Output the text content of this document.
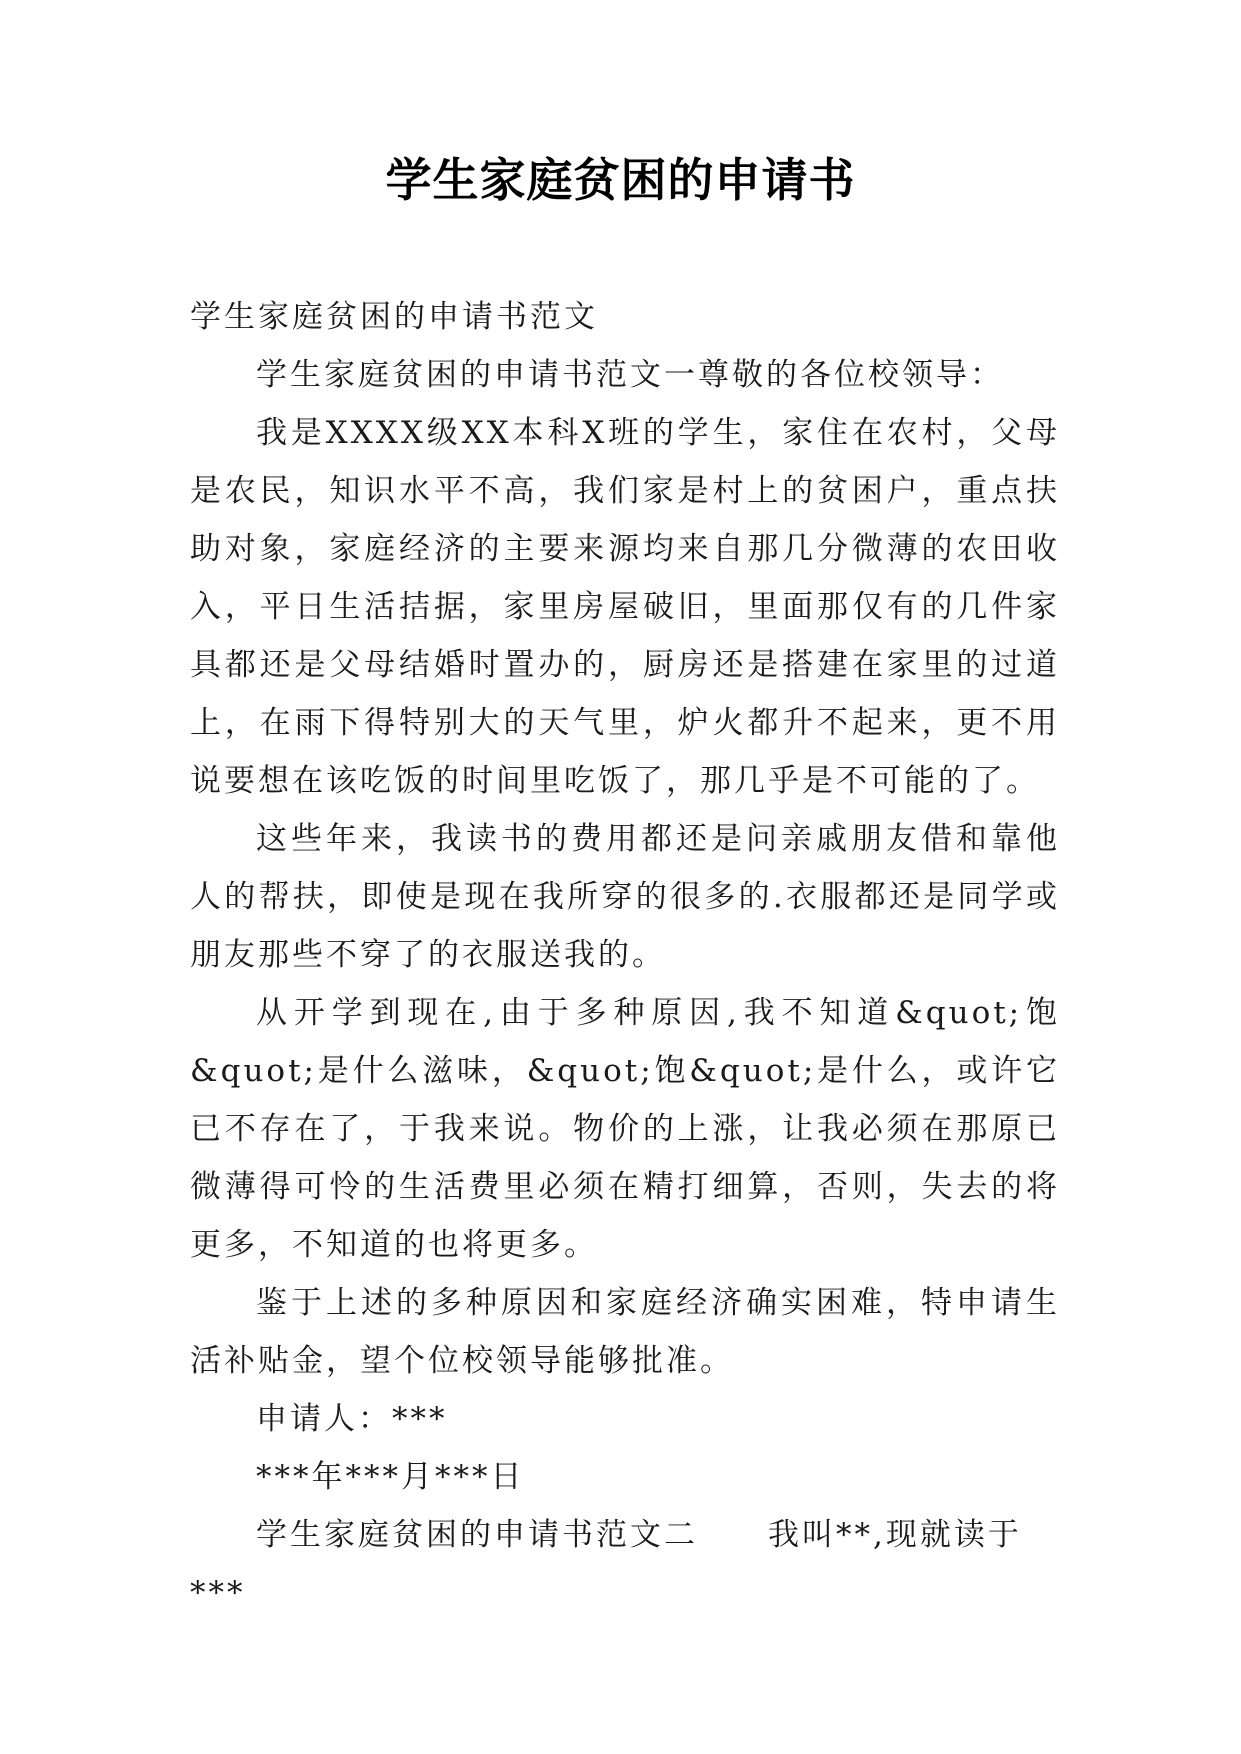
学生家庭贫困的申请书

学生家庭贫困的申请书范文

学生家庭贫困的申请书范文一尊敬的各位校领导：

我是XXXX级XX本科X班的学生，家住在农村，父母是农民，知识水平不高，我们家是村上的贫困户，重点扶助对象，家庭经济的主要来源均来自那几分微薄的农田收入，平日生活拮据，家里房屋破旧，里面那仅有的几件家具都还是父母结婚时置办的，厨房还是搭建在家里的过道上，在雨下得特别大的天气里，炉火都升不起来，更不用说要想在该吃饭的时间里吃饭了，那几乎是不可能的了。

这些年来，我读书的费用都还是问亲戚朋友借和靠他人的帮扶，即使是现在我所穿的很多的.衣服都还是同学或朋友那些不穿了的衣服送我的。

从开学到现在,由于多种原因,我不知道&quot;饱&quot;是什么滋味，&quot;饱&quot;是什么，或许它已不存在了，于我来说。物价的上涨，让我必须在那原已微薄得可怜的生活费里必须在精打细算，否则，失去的将更多，不知道的也将更多。

鉴于上述的多种原因和家庭经济确实困难，特申请生活补贴金，望个位校领导能够批准。

申请人：***

***年***月***日

学生家庭贫困的申请书范文二 我叫**,现就读于***
